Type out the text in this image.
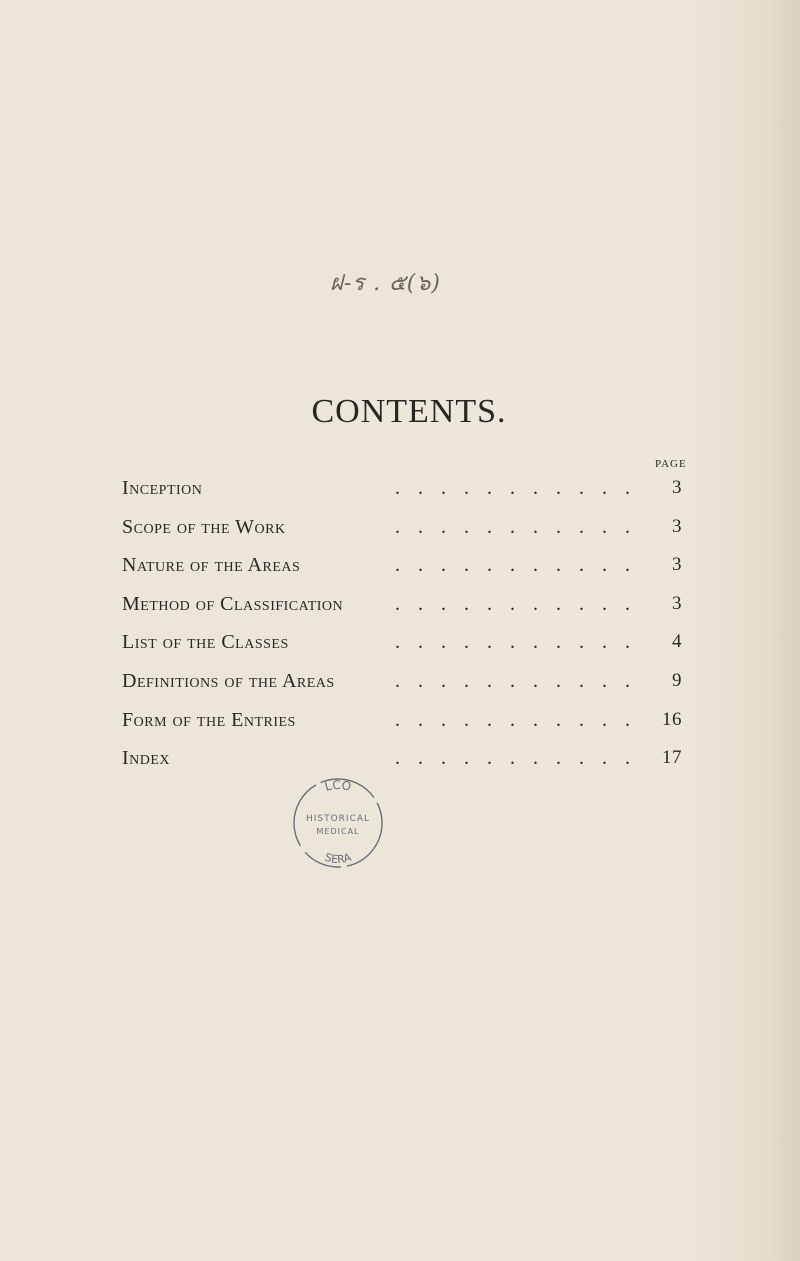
ฝ-ร . ๕(๖)
CONTENTS.
PAGE
Inception	...........	3
Scope of the Work	...........	3
Nature of the Areas	...........	3
Method of Classification	...........	3
List of the Classes	...........	4
Definitions of the Areas	...........	9
Form of the Entries	........... 16
Index	........... 17
LCO
HISTORICAL
MEDICAL
SERA
